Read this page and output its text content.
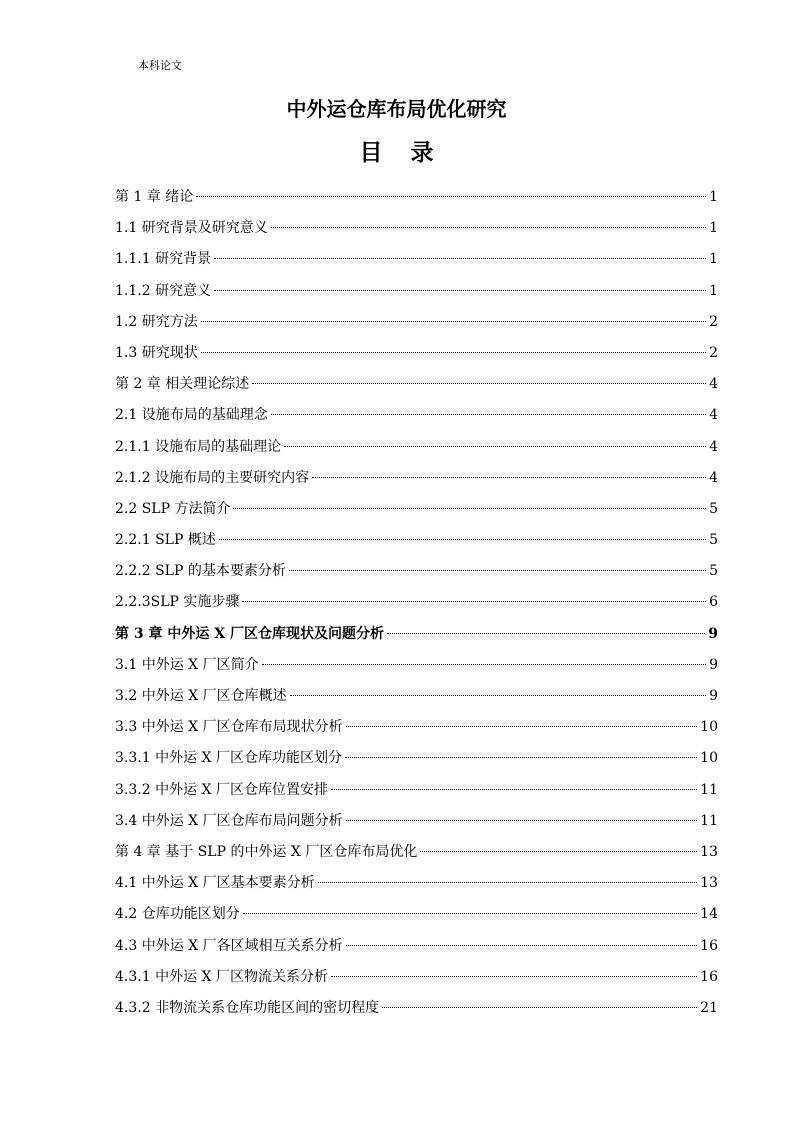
本科论文
中外运仓库布局优化研究
目录
第 1 章 绪论	1
1.1 研究背景及研究意义	1
1.1.1 研究背景	1
1.1.2 研究意义	1
1.2 研究方法	2
1.3 研究现状	2
第 2 章 相关理论综述	4
2.1 设施布局的基础理念	4
2.1.1 设施布局的基础理论	4
2.1.2 设施布局的主要研究内容	4
2.2 SLP 方法简介	5
2.2.1 SLP 概述	5
2.2.2 SLP 的基本要素分析	5
2.2.3SLP 实施步骤	6
第 3 章 中外运 X 厂区仓库现状及问题分析	9
3.1 中外运 X 厂区简介	9
3.2 中外运 X 厂区仓库概述	9
3.3 中外运 X 厂区仓库布局现状分析	10
3.3.1 中外运 X 厂区仓库功能区划分	10
3.3.2 中外运 X 厂区仓库位置安排	11
3.4 中外运 X 厂区仓库布局问题分析	11
第 4 章 基于 SLP 的中外运 X 厂区仓库布局优化	13
4.1 中外运 X 厂区基本要素分析	13
4.2 仓库功能区划分	14
4.3 中外运 X 厂各区域相互关系分析	16
4.3.1 中外运 X 厂区物流关系分析	16
4.3.2 非物流关系仓库功能区间的密切程度	21
